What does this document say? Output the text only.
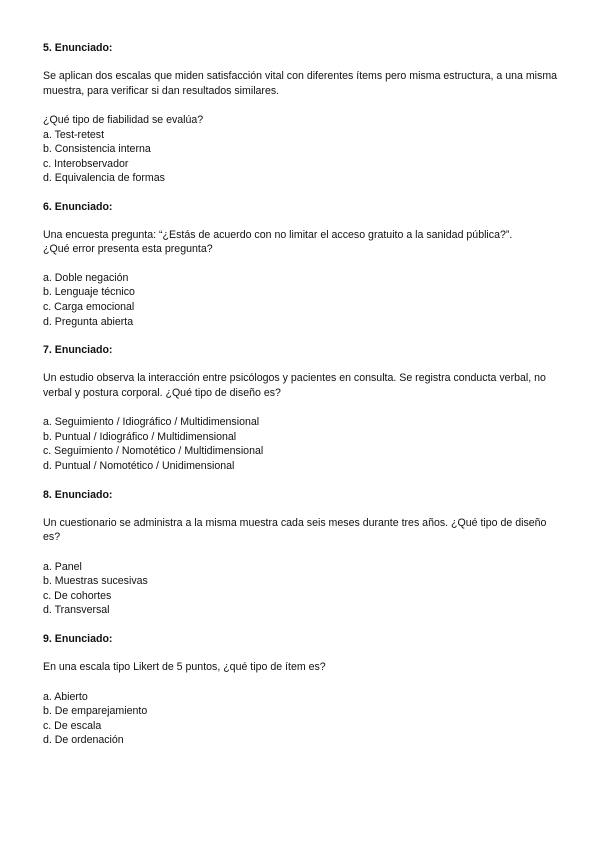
5. Enunciado:

Se aplican dos escalas que miden satisfacción vital con diferentes ítems pero misma estructura, a una misma muestra, para verificar si dan resultados similares.

¿Qué tipo de fiabilidad se evalúa?

a. Test-retest
b. Consistencia interna
c. Interobservador
d. Equivalencia de formas

6. Enunciado:

Una encuesta pregunta: “¿Estás de acuerdo con no limitar el acceso gratuito a la sanidad pública?”.

¿Qué error presenta esta pregunta?

a. Doble negación
b. Lenguaje técnico
c. Carga emocional
d. Pregunta abierta

7. Enunciado:

Un estudio observa la interacción entre psicólogos y pacientes en consulta. Se registra conducta verbal, no verbal y postura corporal. ¿Qué tipo de diseño es?

a. Seguimiento / Idiográfico / Multidimensional
b. Puntual / Idiográfico / Multidimensional
c. Seguimiento / Nomotético / Multidimensional
d. Puntual / Nomotético / Unidimensional

8. Enunciado:

Un cuestionario se administra a la misma muestra cada seis meses durante tres años. ¿Qué tipo de diseño es?

a. Panel
b. Muestras sucesivas
c. De cohortes
d. Transversal

9. Enunciado:

En una escala tipo Likert de 5 puntos, ¿qué tipo de ítem es?

a. Abierto
b. De emparejamiento
c. De escala
d. De ordenación
